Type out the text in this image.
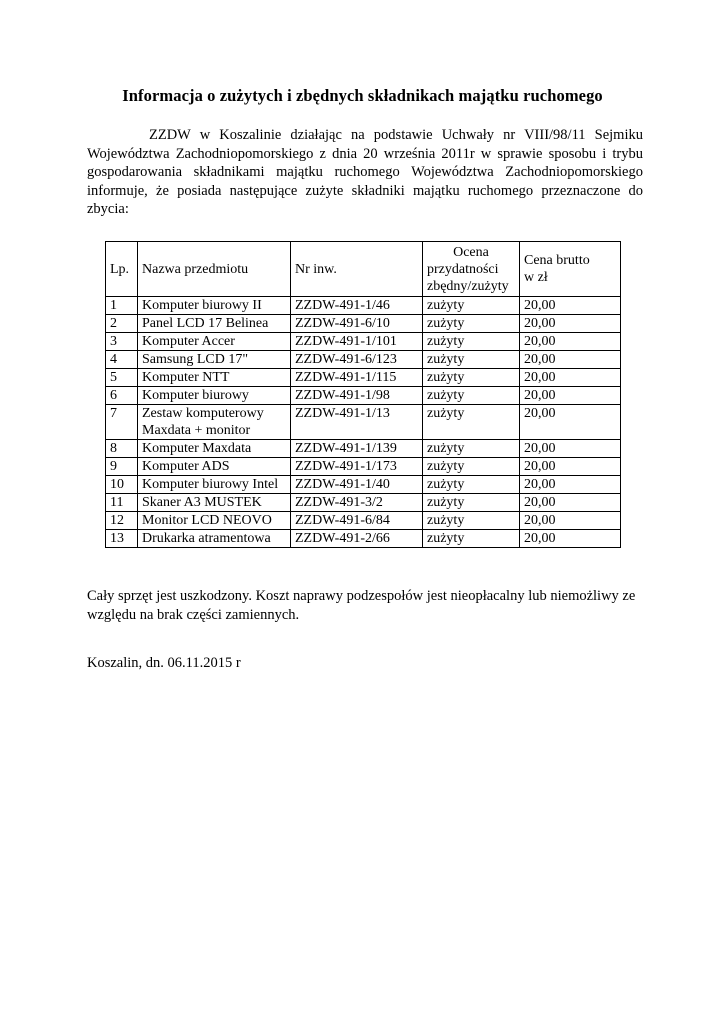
Informacja o zużytych i zbędnych składnikach majątku ruchomego
ZZDW w Koszalinie działając na podstawie Uchwały nr VIII/98/11 Sejmiku Województwa Zachodniopomorskiego z dnia 20 września 2011r w sprawie sposobu i trybu gospodarowania składnikami majątku ruchomego Województwa Zachodniopomorskiego informuje, że posiada następujące zużyte składniki majątku ruchomego przeznaczone do zbycia:
Lp.	Nazwa przedmiotu	Nr inw.	Ocena
przydatności
zbędny/zużyty	Cena brutto
w zł

1	Komputer biurowy II	ZZDW-491-1/46	zużyty	20,00
2	Panel LCD 17 Belinea	ZZDW-491-6/10	zużyty	20,00
3	Komputer Accer	ZZDW-491-1/101	zużyty	20,00
4	Samsung LCD 17"	ZZDW-491-6/123	zużyty	20,00
5	Komputer NTT	ZZDW-491-1/115	zużyty	20,00
6	Komputer biurowy	ZZDW-491-1/98	zużyty	20,00
7	Zestaw komputerowy
Maxdata + monitor	ZZDW-491-1/13	zużyty	20,00
8	Komputer Maxdata	ZZDW-491-1/139	zużyty	20,00
9	Komputer ADS	ZZDW-491-1/173	zużyty	20,00
10	Komputer biurowy Intel	ZZDW-491-1/40	zużyty	20,00
11	Skaner A3 MUSTEK	ZZDW-491-3/2	zużyty	20,00
12	Monitor LCD NEOVO	ZZDW-491-6/84	zużyty	20,00
13	Drukarka atramentowa	ZZDW-491-2/66	zużyty	20,00
Cały sprzęt jest uszkodzony. Koszt naprawy podzespołów jest nieopłacalny lub niemożliwy ze względu na brak części zamiennych.
Koszalin, dn. 06.11.2015 r
